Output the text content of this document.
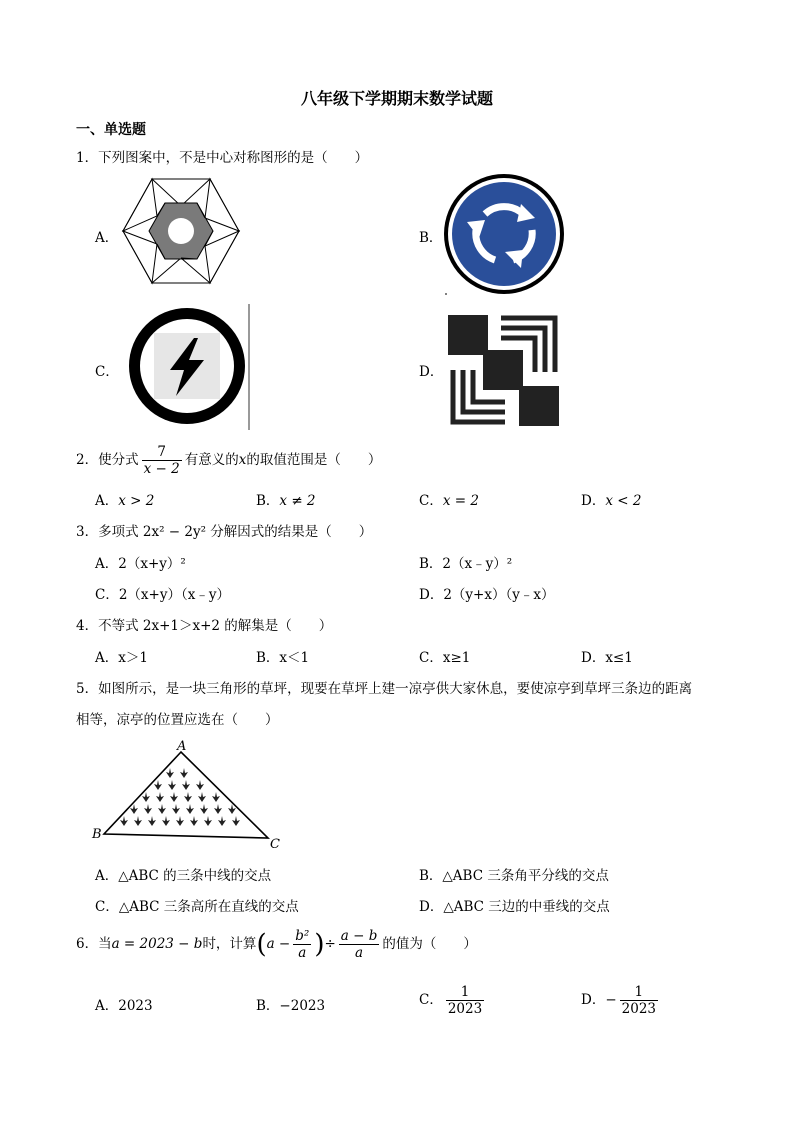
八年级下学期期末数学试题
一、单选题
1．下列图案中，不是中心对称图形的是（　　）
A．	B．
C．	D．
2．使分式 $\frac{7}{x - 2}$ 有意义的x的取值范围是（　　）
A．x > 2	B．x ≠ 2	C．x = 2	D．x < 2
3．多项式 2x² − 2y² 分解因式的结果是（　　）
A．2（x+y）²	B．2（x﹣y）²
C．2（x+y）（x﹣y）	D．2（y+x）（y﹣x）
4．不等式 2x+1＞x+2 的解集是（　　）
A．x＞1	B．x＜1	C．x≥1	D．x≤1
5．如图所示，是一块三角形的草坪，现要在草坪上建一凉亭供大家休息，要使凉亭到草坪三条边的距离
相等，凉亭的位置应选在（　　）
A
B
C
A．△ABC 的三条中线的交点	B．△ABC 三条角平分线的交点
C．△ABC 三条高所在直线的交点	D．△ABC 三边的中垂线的交点
6．当a = 2023 − b时，计算($a - \frac{\text{b²}}{a}$ )÷ $\frac{a - b}{a}$ 的值为（　　）
A．2023	B．−2023	C． $\frac{1}{2023}$	D．− $\frac{1}{2023}$
